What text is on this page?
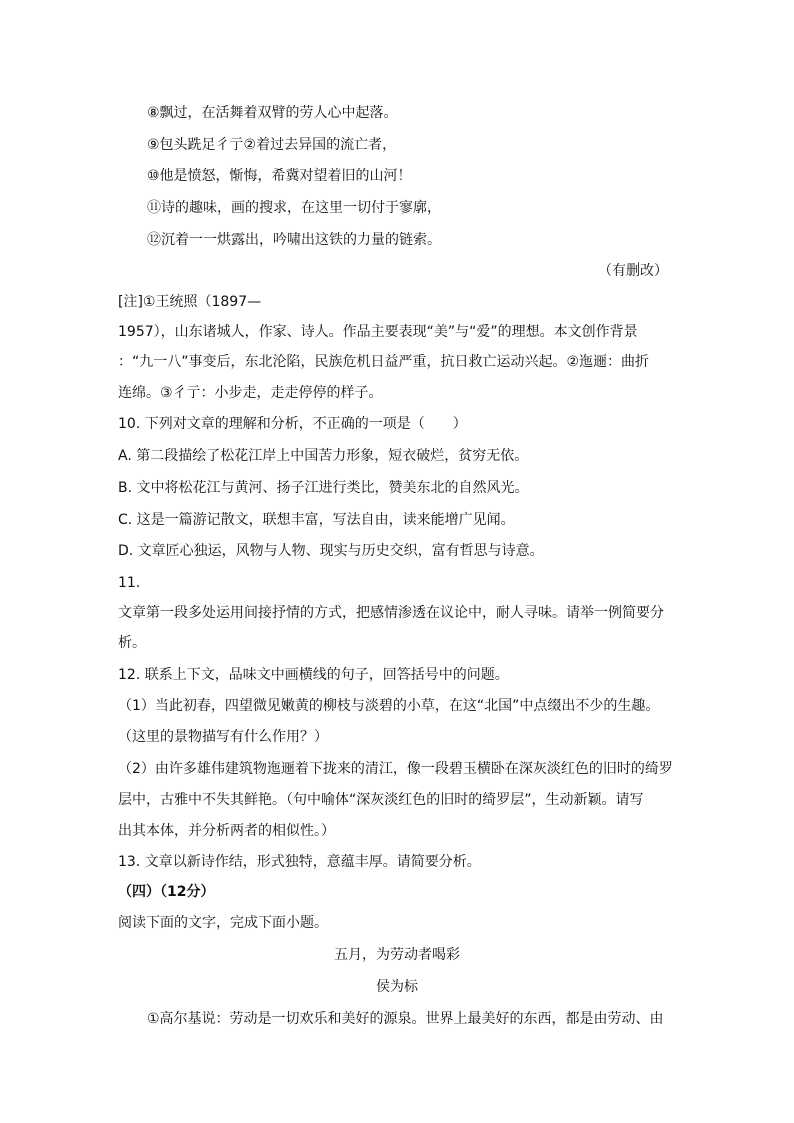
⑧飘过，在活舞着双臂的劳人心中起落。
⑨包头跣足彳亍②着过去异国的流亡者，
⑩他是愤怒，惭悔，希冀对望着旧的山河！
⑪诗的趣味，画的搜求，在这里一切付于寥廓，
⑫沉着一一烘露出，吟啸出这铁的力量的链索。
（有删改）
[注]①王统照（1897—
1957），山东诸城人，作家、诗人。作品主要表现“美”与“爱”的理想。本文创作背景
：“九一八”事变后，东北沦陷，民族危机日益严重，抗日救亡运动兴起。②迤逦：曲折
连绵。③彳亍：小步走，走走停停的样子。
10. 下列对文章的理解和分析，不正确的一项是（　　）
A. 第二段描绘了松花江岸上中国苦力形象，短衣破烂，贫穷无依。
B. 文中将松花江与黄河、扬子江进行类比，赞美东北的自然风光。
C. 这是一篇游记散文，联想丰富，写法自由，读来能增广见闻。
D. 文章匠心独运，风物与人物、现实与历史交织，富有哲思与诗意。
11.
文章第一段多处运用间接抒情的方式，把感情渗透在议论中，耐人寻味。请举一例简要分
析。
12. 联系上下文，品味文中画横线的句子，回答括号中的问题。
（1）当此初春，四望微见嫩黄的柳枝与淡碧的小草，在这“北国”中点缀出不少的生趣。
（这里的景物描写有什么作用？）
（2）由许多雄伟建筑物迤逦着下拢来的清江，像一段碧玉横卧在深灰淡红色的旧时的绮罗
层中，古雅中不失其鲜艳。（句中喻体“深灰淡红色的旧时的绮罗层”，生动新颖。请写
出其本体，并分析两者的相似性。）
13. 文章以新诗作结，形式独特，意蕴丰厚。请简要分析。
（四）（12分）
阅读下面的文字，完成下面小题。
五月，为劳动者喝彩
侯为标
①高尔基说：劳动是一切欢乐和美好的源泉。世界上最美好的东西，都是由劳动、由
